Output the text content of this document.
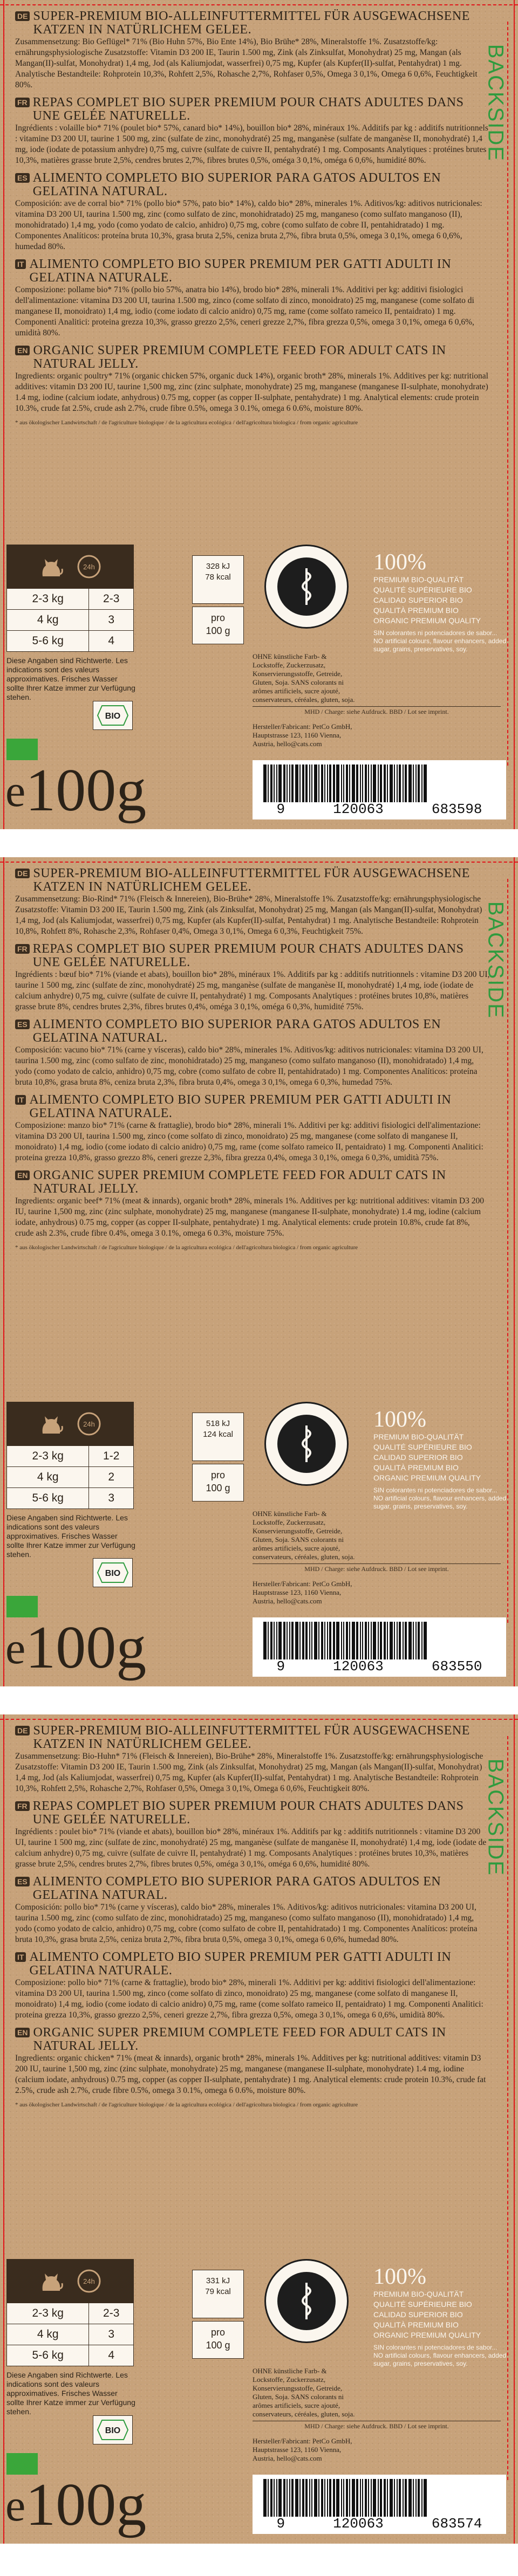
BACKSIDE
DE SUPER-PREMIUM BIO-ALLEINFUTTERMITTEL FÜR AUSGEWACHSENE KATZEN IN NATÜRLICHEM GELEE.
Zusammensetzung: Bio Geflügel* 71% (Bio Huhn 57%, Bio Ente 14%), Bio Brühe* 28%, Mineralstoffe 1%. Zusatzstoffe/kg: ernährungsphysiologische Zusatzstoffe: Vitamin D3 200 IE, Taurin 1.500 mg, Zink (als Zinksulfat, Monohydrat) 25 mg, Mangan (als Mangan(II)-sulfat, Monohydrat) 1,4 mg, Jod (als Kaliumjodat, wasserfrei) 0,75 mg, Kupfer (als Kupfer(II)-sulfat, Pentahydrat) 1 mg. Analytische Bestandteile: Rohprotein 10,3%, Rohfett 2,5%, Rohasche 2,7%, Rohfaser 0,5%, Omega 3 0,1%, Omega 6 0,6%, Feuchtigkeit 80%.
FR REPAS COMPLET BIO SUPER PREMIUM POUR CHATS ADULTES DANS UNE GELÉE NATURELLE.
Ingrédients : volaille bio* 71% (poulet bio* 57%, canard bio* 14%), bouillon bio* 28%, minéraux 1%. Additifs par kg : additifs nutritionnels : vitamine D3 200 UI, taurine 1 500 mg, zinc (sulfate de zinc, monohydraté) 25 mg, manganèse (sulfate de manganèse II, monohydraté) 1,4 mg, iode (iodate de potassium anhydre) 0,75 mg, cuivre (sulfate de cuivre II, pentahydraté) 1 mg. Composants Analytiques : protéines brutes 10,3%, matières grasse brute 2,5%, cendres brutes 2,7%, fibres brutes 0,5%, oméga 3 0,1%, oméga 6 0,6%, humidité 80%.
ES ALIMENTO COMPLETO BIO SUPERIOR PARA GATOS ADULTOS EN GELATINA NATURAL.
Composición: ave de corral bio* 71% (pollo bio* 57%, pato bio* 14%), caldo bio* 28%, minerales 1%. Aditivos/kg: aditivos nutricionales: vitamina D3 200 UI, taurina 1.500 mg, zinc (como sulfato de zinc, monohidratado) 25 mg, manganeso (como sulfato manganoso (II), monohidratado) 1,4 mg, yodo (como yodato de calcio, anhidro) 0,75 mg, cobre (como sulfato de cobre II, pentahidratado) 1 mg. Componentes Analíticos: proteína bruta 10,3%, grasa bruta 2,5%, ceniza bruta 2,7%, fibra bruta 0,5%, omega 3 0,1%, omega 6 0,6%, humedad 80%.
IT ALIMENTO COMPLETO BIO SUPER PREMIUM PER GATTI ADULTI IN GELATINA NATURALE.
Composizione: pollame bio* 71% (pollo bio 57%, anatra bio 14%), brodo bio* 28%, minerali 1%. Additivi per kg: additivi fisiologici dell'alimentazione: vitamina D3 200 UI, taurina 1.500 mg, zinco (come solfato di zinco, monoidrato) 25 mg, manganese (come solfato di manganese II, monoidrato) 1,4 mg, iodio (come iodato di calcio anidro) 0,75 mg, rame (come solfato rameico II, pentaidrato) 1 mg. Componenti Analitici: proteina grezza 10,3%, grasso grezzo 2,5%, ceneri grezze 2,7%, fibra grezza 0,5%, omega 3 0,1%, omega 6 0,6%, umidità 80%.
EN ORGANIC SUPER PREMIUM COMPLETE FEED FOR ADULT CATS IN NATURAL JELLY.
Ingredients: organic poultry* 71% (organic chicken 57%, organic duck 14%), organic broth* 28%, minerals 1%. Additives per kg: nutritional additives: vitamin D3 200 IU, taurine 1,500 mg, zinc (zinc sulphate, monohydrate) 25 mg, manganese (manganese II-sulphate, monohydrate) 1.4 mg, iodine (calcium iodate, anhydrous) 0.75 mg, copper (as copper II-sulphate, pentahydrate) 1 mg. Analytical elements: crude protein 10.3%, crude fat 2.5%, crude ash 2.7%, crude fibre 0.5%, omega 3 0.1%, omega 6 0.6%, moisture 80%.
* aus ökologischer Landwirtschaft / de l'agriculture biologique / de la agricultura ecológica / dell'agricoltura biologica / from organic agriculture
24h
2-3 kg	2-3
4 kg	3
5-6 kg	4
Diese Angaben sind Richtwerte. Les indications sont des valeurs approximatives. Frisches Wasser sollte Ihrer Katze immer zur Verfügung stehen.
BIO
e100g
328 kJ
78 kcal
pro
100 g
100%
PREMIUM BIO-QUALITÄT
QUALITÉ SUPÉRIEURE BIO
CALIDAD SUPERIOR BIO
QUALITÀ PREMIUM BIO
ORGANIC PREMIUM QUALITY
SIN colorantes ni potenciadores de sabor... NO artificial colours, flavour enhancers, added sugar, grains, preservatives, soy.
OHNE künstliche Farb- & Lockstoffe, Zuckerzusatz, Konservierungsstoffe, Getreide, Gluten, Soja. SANS colorants ni arômes artificiels, sucre ajouté, conservateurs, céréales, gluten, soja.
MHD / Charge: siehe Aufdruck. BBD / Lot see imprint.
Hersteller/Fabricant: PetCo GmbH, Hauptstrasse 123, 1160 Vienna, Austria, hello@cats.com
9	120063	683598
BACKSIDE
DE SUPER-PREMIUM BIO-ALLEINFUTTERMITTEL FÜR AUSGEWACHSENE KATZEN IN NATÜRLICHEM GELEE.
Zusammensetzung: Bio-Rind* 71% (Fleisch & Innereien), Bio-Brühe* 28%, Mineralstoffe 1%. Zusatzstoffe/kg: ernährungsphysiologische Zusatzstoffe: Vitamin D3 200 IE, Taurin 1.500 mg, Zink (als Zinksulfat, Monohydrat) 25 mg, Mangan (als Mangan(II)-sulfat, Monohydrat) 1,4 mg, Jod (als Kaliumjodat, wasserfrei) 0,75 mg, Kupfer (als Kupfer(II)-sulfat, Pentahydrat) 1 mg. Analytische Bestandteile: Rohprotein 10,8%, Rohfett 8%, Rohasche 2,3%, Rohfaser 0,4%, Omega 3 0,1%, Omega 6 0,3%, Feuchtigkeit 75%.
FR REPAS COMPLET BIO SUPER PREMIUM POUR CHATS ADULTES DANS UNE GELÉE NATURELLE.
Ingrédients : bœuf bio* 71% (viande et abats), bouillon bio* 28%, minéraux 1%. Additifs par kg : additifs nutritionnels : vitamine D3 200 UI, taurine 1 500 mg, zinc (sulfate de zinc, monohydraté) 25 mg, manganèse (sulfate de manganèse II, monohydraté) 1,4 mg, iode (iodate de calcium anhydre) 0,75 mg, cuivre (sulfate de cuivre II, pentahydraté) 1 mg. Composants Analytiques : protéines brutes 10,8%, matières grasse brute 8%, cendres brutes 2,3%, fibres brutes 0,4%, oméga 3 0,1%, oméga 6 0,3%, humidité 75%.
ES ALIMENTO COMPLETO BIO SUPERIOR PARA GATOS ADULTOS EN GELATINA NATURAL.
Composición: vacuno bio* 71% (carne y vísceras), caldo bio* 28%, minerales 1%. Aditivos/kg: aditivos nutricionales: vitamina D3 200 UI, taurina 1.500 mg, zinc (como sulfato de zinc, monohidratado) 25 mg, manganeso (como sulfato manganoso (II), monohidratado) 1,4 mg, yodo (como yodato de calcio, anhidro) 0,75 mg, cobre (como sulfato de cobre II, pentahidratado) 1 mg. Componentes Analíticos: proteína bruta 10,8%, grasa bruta 8%, ceniza bruta 2,3%, fibra bruta 0,4%, omega 3 0,1%, omega 6 0,3%, humedad 75%.
IT ALIMENTO COMPLETO BIO SUPER PREMIUM PER GATTI ADULTI IN GELATINA NATURALE.
Composizione: manzo bio* 71% (carne & frattaglie), brodo bio* 28%, minerali 1%. Additivi per kg: additivi fisiologici dell'alimentazione: vitamina D3 200 UI, taurina 1.500 mg, zinco (come solfato di zinco, monoidrato) 25 mg, manganese (come solfato di manganese II, monoidrato) 1,4 mg, iodio (come iodato di calcio anidro) 0,75 mg, rame (come solfato rameico II, pentaidrato) 1 mg. Componenti Analitici: proteina grezza 10,8%, grasso grezzo 8%, ceneri grezze 2,3%, fibra grezza 0,4%, omega 3 0,1%, omega 6 0,3%, umidità 75%.
EN ORGANIC SUPER PREMIUM COMPLETE FEED FOR ADULT CATS IN NATURAL JELLY.
Ingredients: organic beef* 71% (meat & innards), organic broth* 28%, minerals 1%. Additives per kg: nutritional additives: vitamin D3 200 IU, taurine 1,500 mg, zinc (zinc sulphate, monohydrate) 25 mg, manganese (manganese II-sulphate, monohydrate) 1.4 mg, iodine (calcium iodate, anhydrous) 0.75 mg, copper (as copper II-sulphate, pentahydrate) 1 mg. Analytical elements: crude protein 10.8%, crude fat 8%, crude ash 2.3%, crude fibre 0.4%, omega 3 0.1%, omega 6 0.3%, moisture 75%.
* aus ökologischer Landwirtschaft / de l'agriculture biologique / de la agricultura ecológica / dell'agricoltura biologica / from organic agriculture
24h
2-3 kg	1-2
4 kg	2
5-6 kg	3
Diese Angaben sind Richtwerte. Les indications sont des valeurs approximatives. Frisches Wasser sollte Ihrer Katze immer zur Verfügung stehen.
BIO
e100g
518 kJ
124 kcal
pro
100 g
100%
PREMIUM BIO-QUALITÄT
QUALITÉ SUPÉRIEURE BIO
CALIDAD SUPERIOR BIO
QUALITÀ PREMIUM BIO
ORGANIC PREMIUM QUALITY
SIN colorantes ni potenciadores de sabor... NO artificial colours, flavour enhancers, added sugar, grains, preservatives, soy.
OHNE künstliche Farb- & Lockstoffe, Zuckerzusatz, Konservierungsstoffe, Getreide, Gluten, Soja. SANS colorants ni arômes artificiels, sucre ajouté, conservateurs, céréales, gluten, soja.
MHD / Charge: siehe Aufdruck. BBD / Lot see imprint.
Hersteller/Fabricant: PetCo GmbH, Hauptstrasse 123, 1160 Vienna, Austria, hello@cats.com
9	120063	683550
BACKSIDE
DE SUPER-PREMIUM BIO-ALLEINFUTTERMITTEL FÜR AUSGEWACHSENE KATZEN IN NATÜRLICHEM GELEE.
Zusammensetzung: Bio-Huhn* 71% (Fleisch & Innereien), Bio-Brühe* 28%, Mineralstoffe 1%. Zusatzstoffe/kg: ernährungsphysiologische Zusatzstoffe: Vitamin D3 200 IE, Taurin 1.500 mg, Zink (als Zinksulfat, Monohydrat) 25 mg, Mangan (als Mangan(II)-sulfat, Monohydrat) 1,4 mg, Jod (als Kaliumjodat, wasserfrei) 0,75 mg, Kupfer (als Kupfer(II)-sulfat, Pentahydrat) 1 mg. Analytische Bestandteile: Rohprotein 10,3%, Rohfett 2,5%, Rohasche 2,7%, Rohfaser 0,5%, Omega 3 0,1%, Omega 6 0,6%, Feuchtigkeit 80%.
FR REPAS COMPLET BIO SUPER PREMIUM POUR CHATS ADULTES DANS UNE GELÉE NATURELLE.
Ingrédients : poulet bio* 71% (viande et abats), bouillon bio* 28%, minéraux 1%. Additifs par kg : additifs nutritionnels : vitamine D3 200 UI, taurine 1 500 mg, zinc (sulfate de zinc, monohydraté) 25 mg, manganèse (sulfate de manganèse II, monohydraté) 1,4 mg, iode (iodate de calcium anhydre) 0,75 mg, cuivre (sulfate de cuivre II, pentahydraté) 1 mg. Composants Analytiques : protéines brutes 10,3%, matières grasse brute 2,5%, cendres brutes 2,7%, fibres brutes 0,5%, oméga 3 0,1%, oméga 6 0,6%, humidité 80%.
ES ALIMENTO COMPLETO BIO SUPERIOR PARA GATOS ADULTOS EN GELATINA NATURAL.
Composición: pollo bio* 71% (carne y vísceras), caldo bio* 28%, minerales 1%. Aditivos/kg: aditivos nutricionales: vitamina D3 200 UI, taurina 1.500 mg, zinc (como sulfato de zinc, monohidratado) 25 mg, manganeso (como sulfato manganoso (II), monohidratado) 1,4 mg, yodo (como yodato de calcio, anhidro) 0,75 mg, cobre (como sulfato de cobre II, pentahidratado) 1 mg. Componentes Analíticos: proteína bruta 10,3%, grasa bruta 2,5%, ceniza bruta 2,7%, fibra bruta 0,5%, omega 3 0,1%, omega 6 0,6%, humedad 80%.
IT ALIMENTO COMPLETO BIO SUPER PREMIUM PER GATTI ADULTI IN GELATINA NATURALE.
Composizione: pollo bio* 71% (carne & frattaglie), brodo bio* 28%, minerali 1%. Additivi per kg: additivi fisiologici dell'alimentazione: vitamina D3 200 UI, taurina 1.500 mg, zinco (come solfato di zinco, monoidrato) 25 mg, manganese (come solfato di manganese II, monoidrato) 1,4 mg, iodio (come iodato di calcio anidro) 0,75 mg, rame (come solfato rameico II, pentaidrato) 1 mg. Componenti Analitici: proteina grezza 10,3%, grasso grezzo 2,5%, ceneri grezze 2,7%, fibra grezza 0,5%, omega 3 0,1%, omega 6 0,6%, umidità 80%.
EN ORGANIC SUPER PREMIUM COMPLETE FEED FOR ADULT CATS IN NATURAL JELLY.
Ingredients: organic chicken* 71% (meat & innards), organic broth* 28%, minerals 1%. Additives per kg: nutritional additives: vitamin D3 200 IU, taurine 1,500 mg, zinc (zinc sulphate, monohydrate) 25 mg, manganese (manganese II-sulphate, monohydrate) 1.4 mg, iodine (calcium iodate, anhydrous) 0.75 mg, copper (as copper II-sulphate, pentahydrate) 1 mg. Analytical elements: crude protein 10.3%, crude fat 2.5%, crude ash 2.7%, crude fibre 0.5%, omega 3 0.1%, omega 6 0.6%, moisture 80%.
* aus ökologischer Landwirtschaft / de l'agriculture biologique / de la agricultura ecológica / dell'agricoltura biologica / from organic agriculture
24h
2-3 kg	2-3
4 kg	3
5-6 kg	4
Diese Angaben sind Richtwerte. Les indications sont des valeurs approximatives. Frisches Wasser sollte Ihrer Katze immer zur Verfügung stehen.
BIO
e100g
331 kJ
79 kcal
pro
100 g
100%
PREMIUM BIO-QUALITÄT
QUALITÉ SUPÉRIEURE BIO
CALIDAD SUPERIOR BIO
QUALITÀ PREMIUM BIO
ORGANIC PREMIUM QUALITY
SIN colorantes ni potenciadores de sabor... NO artificial colours, flavour enhancers, added sugar, grains, preservatives, soy.
OHNE künstliche Farb- & Lockstoffe, Zuckerzusatz, Konservierungsstoffe, Getreide, Gluten, Soja. SANS colorants ni arômes artificiels, sucre ajouté, conservateurs, céréales, gluten, soja.
MHD / Charge: siehe Aufdruck. BBD / Lot see imprint.
Hersteller/Fabricant: PetCo GmbH, Hauptstrasse 123, 1160 Vienna, Austria, hello@cats.com
9	120063	683574
